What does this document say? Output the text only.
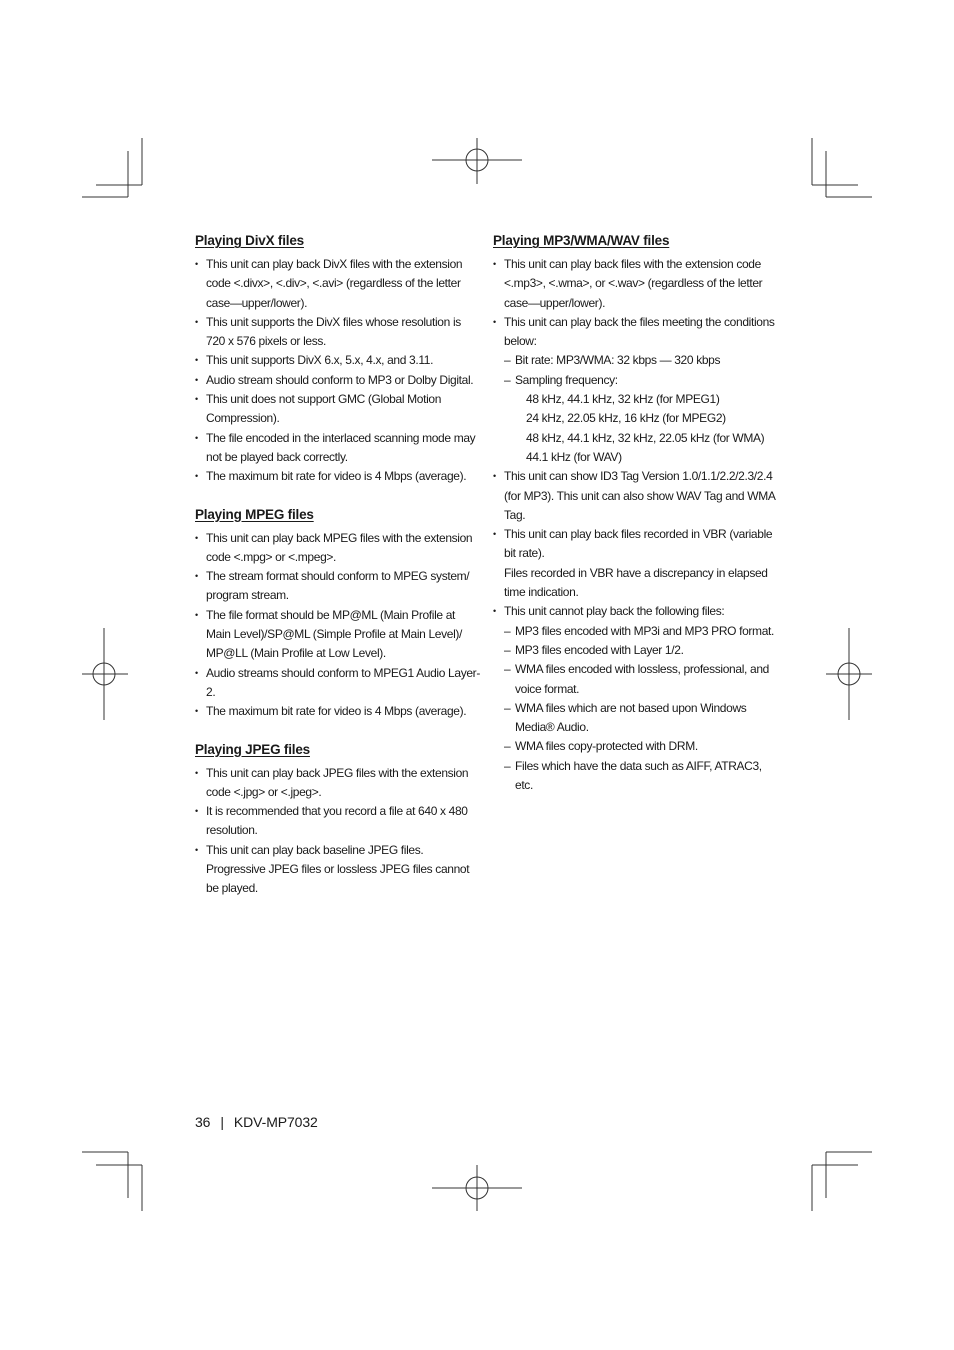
Playing DivX files
• This unit can play back DivX files with the extension code <.divx>, <.div>, <.avi> (regardless of the letter case—upper/lower).
• This unit supports the DivX files whose resolution is 720 x 576 pixels or less.
• This unit supports DivX 6.x, 5.x, 4.x, and 3.11.
• Audio stream should conform to MP3 or Dolby Digital.
• This unit does not support GMC (Global Motion Compression).
• The file encoded in the interlaced scanning mode may not be played back correctly.
• The maximum bit rate for video is 4 Mbps (average).
Playing MPEG files
• This unit can play back MPEG files with the extension code <.mpg> or <.mpeg>.
• The stream format should conform to MPEG system/ program stream.
• The file format should be MP@ML (Main Profile at Main Level)/SP@ML (Simple Profile at Main Level)/ MP@LL (Main Profile at Low Level).
• Audio streams should conform to MPEG1 Audio Layer-2.
• The maximum bit rate for video is 4 Mbps (average).
Playing JPEG files
• This unit can play back JPEG files with the extension code <.jpg> or <.jpeg>.
• It is recommended that you record a file at 640 x 480 resolution.
• This unit can play back baseline JPEG files.
Progressive JPEG files or lossless JPEG files cannot be played.
Playing MP3/WMA/WAV files
• This unit can play back files with the extension code <.mp3>, <.wma>, or <.wav> (regardless of the letter case—upper/lower).
• This unit can play back the files meeting the conditions below:
– Bit rate: MP3/WMA: 32 kbps — 320 kbps
– Sampling frequency:
48 kHz, 44.1 kHz, 32 kHz (for MPEG1)
24 kHz, 22.05 kHz, 16 kHz (for MPEG2)
48 kHz, 44.1 kHz, 32 kHz, 22.05 kHz (for WMA)
44.1 kHz (for WAV)
• This unit can show ID3 Tag Version 1.0/1.1/2.2/2.3/2.4 (for MP3). This unit can also show WAV Tag and WMA Tag.
• This unit can play back files recorded in VBR (variable bit rate).
Files recorded in VBR have a discrepancy in elapsed time indication.
• This unit cannot play back the following files:
– MP3 files encoded with MP3i and MP3 PRO format.
– MP3 files encoded with Layer 1/2.
– WMA files encoded with lossless, professional, and voice format.
– WMA files which are not based upon Windows Media® Audio.
– WMA files copy-protected with DRM.
– Files which have the data such as AIFF, ATRAC3, etc.
36 | KDV-MP7032
